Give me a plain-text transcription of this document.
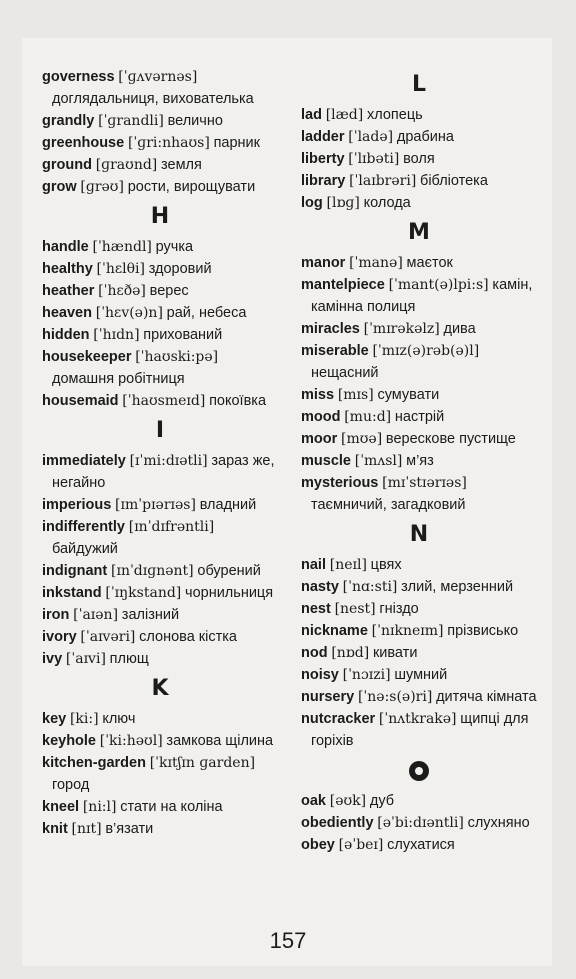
governess [ˈɡʌvərnəs] доглядальниця, вихователька
grandly [ˈɡrandli] велично
greenhouse [ˈɡri:nhaʊs] парник
ground [ɡraʊnd] земля
grow [ɡrəʊ] рости, вирощувати
H
handle [ˈhændl] ручка
healthy [ˈhɛlθi] здоровий
heather [ˈhɛðə] верес
heaven [ˈhɛv(ə)n] рай, небеса
hidden [ˈhɪdn] прихований
housekeeper [ˈhaʊski:pə] домашня робітниця
housemaid [ˈhaʊsmeɪd] покоївка
I
immediately [ɪˈmi:dɪətli] зараз же, негайно
imperious [ɪmˈpɪərɪəs] владний
indifferently [ɪnˈdɪfrəntli] байдужий
indignant [ɪnˈdɪɡnənt] обурений
inkstand [ˈɪŋkstand] чорнильниця
iron [ˈaɪən] залізний
ivory [ˈaɪvəri] слонова кістка
ivy [ˈaɪvi] плющ
K
key [ki:] ключ
keyhole [ˈki:həʊl] замкова щілина
kitchen-garden [ˈkɪtʃɪn ɡarden] город
kneel [ni:l] стати на коліна
knit [nɪt] в’язати
L
lad [læd] хлопець
ladder [ˈladə] драбина
liberty [ˈlɪbəti] воля
library [ˈlaɪbrəri] бібліотека
log [lɒɡ] колода
M
manor [ˈmanə] маєток
mantelpiece [ˈmant(ə)lpi:s] камін, камінна полиця
miracles [ˈmɪrəkəlz] дива
miserable [ˈmɪz(ə)rəb(ə)l] нещасний
miss [mɪs] сумувати
mood [mu:d] настрій
moor [mʊə] верескове пустище
muscle [ˈmʌsl] м’яз
mysterious [mɪˈstɪərɪəs] таємничий, загадковий
N
nail [neɪl] цвях
nasty [ˈnɑ:sti] злий, мерзенний
nest [nest] гніздо
nickname [ˈnɪkneɪm] прізвисько
nod [nɒd] кивати
noisy [ˈnɔɪzi] шумний
nursery [ˈnə:s(ə)ri] дитяча кімната
nutcracker [ˈnʌtkrakə] щипці для горіхів
oak [əʊk] дуб
obediently [əˈbi:dɪəntli] слухняно
obey [əˈbeɪ] слухатися
157
